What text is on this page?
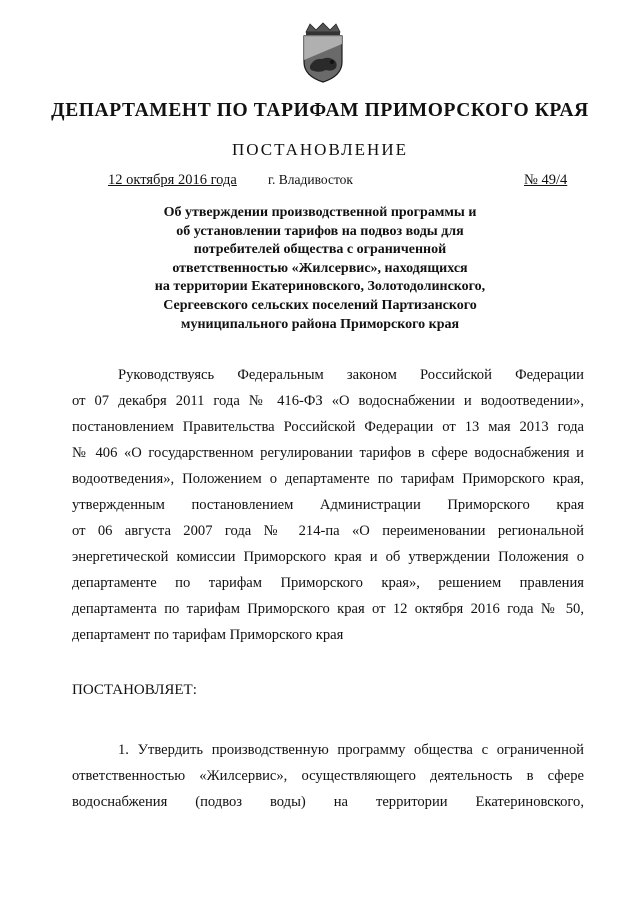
ДЕПАРТАМЕНТ ПО ТАРИФАМ ПРИМОРСКОГО КРАЯ
ПОСТАНОВЛЕНИЕ
12 октября 2016 года г. Владивосток	№ 49/4
Об утверждении производственной программы и
об установлении тарифов на подвоз воды для
потребителей общества с ограниченной
ответственностью «Жилсервис», находящихся
на территории Екатериновского, Золотодолинского,
Сергеевского сельских поселений Партизанского
муниципального района Приморского края
Руководствуясь Федеральным законом Российской Федерации
от 07 декабря 2011 года № 416-ФЗ «О водоснабжении и водоотведении»,
постановлением Правительства Российской Федерации от 13 мая 2013 года
№ 406 «О государственном регулировании тарифов в сфере водоснабжения и
водоотведения», Положением о департаменте по тарифам Приморского края,
утвержденным постановлением Администрации Приморского края
от 06 августа 2007 года № 214-па «О переименовании региональной
энергетической комиссии Приморского края и об утверждении Положения о
департаменте по тарифам Приморского края», решением правления
департамента по тарифам Приморского края от 12 октября 2016 года № 50,
департамент по тарифам Приморского края
ПОСТАНОВЛЯЕТ:
1. Утвердить производственную программу общества с ограниченной
ответственностью «Жилсервис», осуществляющего деятельность в сфере
водоснабжения (подвоз воды) на территории Екатериновского,
